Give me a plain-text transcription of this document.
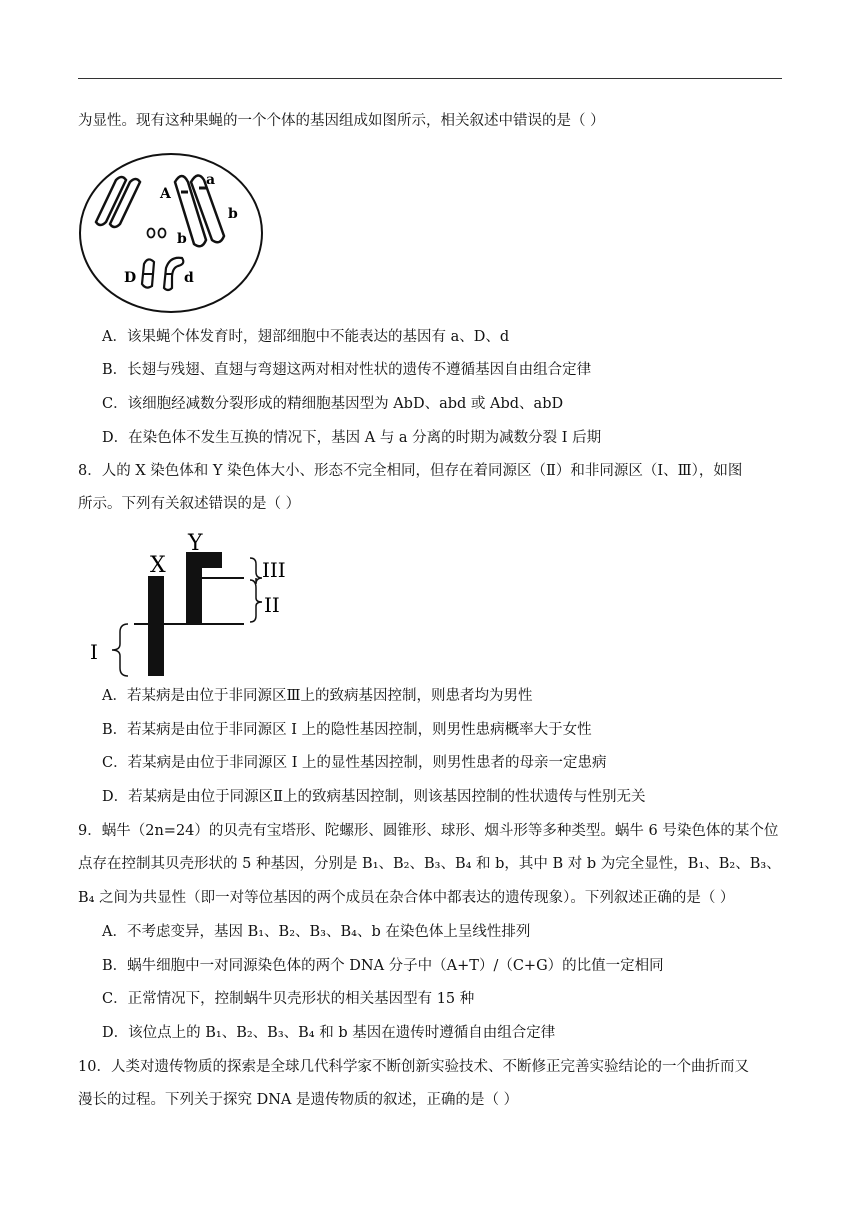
为显性。现有这种果蝇的一个个体的基因组成如图所示，相关叙述中错误的是（ ）
A
a
b
b
D	d
A．该果蝇个体发育时，翅部细胞中不能表达的基因有 a、D、d
B．长翅与残翅、直翅与弯翅这两对相对性状的遗传不遵循基因自由组合定律
C．该细胞经减数分裂形成的精细胞基因型为 AbD、abd 或 Abd、abD
D．在染色体不发生互换的情况下，基因 A 与 a 分离的时期为减数分裂 Ⅰ 后期
8．人的 X 染色体和 Y 染色体大小、形态不完全相同，但存在着同源区（Ⅱ）和非同源区（Ⅰ、Ⅲ），如图
所示。下列有关叙述错误的是（ ）
X
Y
III
II
I
A．若某病是由位于非同源区Ⅲ上的致病基因控制，则患者均为男性
B．若某病是由位于非同源区 Ⅰ 上的隐性基因控制，则男性患病概率大于女性
C．若某病是由位于非同源区 Ⅰ 上的显性基因控制，则男性患者的母亲一定患病
D．若某病是由位于同源区Ⅱ上的致病基因控制，则该基因控制的性状遗传与性别无关
9．蜗牛（2n=24）的贝壳有宝塔形、陀螺形、圆锥形、球形、烟斗形等多种类型。蜗牛 6 号染色体的某个位
点存在控制其贝壳形状的 5 种基因，分别是 B₁、B₂、B₃、B₄ 和 b，其中 B 对 b 为完全显性，B₁、B₂、B₃、
B₄ 之间为共显性（即一对等位基因的两个成员在杂合体中都表达的遗传现象）。下列叙述正确的是（ ）
A．不考虑变异，基因 B₁、B₂、B₃、B₄、b 在染色体上呈线性排列
B．蜗牛细胞中一对同源染色体的两个 DNA 分子中（A+T）/（C+G）的比值一定相同
C．正常情况下，控制蜗牛贝壳形状的相关基因型有 15 种
D．该位点上的 B₁、B₂、B₃、B₄ 和 b 基因在遗传时遵循自由组合定律
10．人类对遗传物质的探索是全球几代科学家不断创新实验技术、不断修正完善实验结论的一个曲折而又
漫长的过程。下列关于探究 DNA 是遗传物质的叙述，正确的是（ ）
